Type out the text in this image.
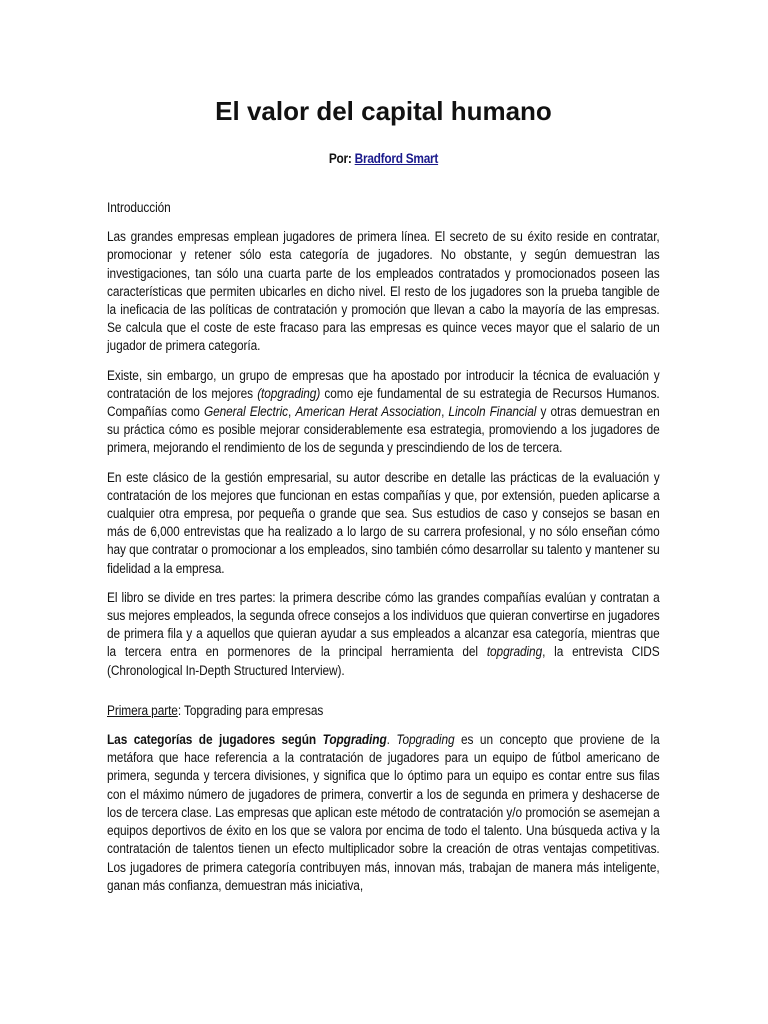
El valor del capital humano
Por: Bradford Smart

Introducción

Las grandes empresas emplean jugadores de primera línea. El secreto de su éxito reside en contratar, promocionar y retener sólo esta categoría de jugadores. No obstante, y según demuestran las investigaciones, tan sólo una cuarta parte de los empleados contratados y promocionados poseen las características que permiten ubicarles en dicho nivel. El resto de los jugadores son la prueba tangible de la ineficacia de las políticas de contratación y promoción que llevan a cabo la mayoría de las empresas. Se calcula que el coste de este fracaso para las empresas es quince veces mayor que el salario de un jugador de primera categoría.

Existe, sin embargo, un grupo de empresas que ha apostado por introducir la técnica de evaluación y contratación de los mejores (topgrading) como eje fundamental de su estrategia de Recursos Humanos. Compañías como General Electric, American Herat Association, Lincoln Financial y otras demuestran en su práctica cómo es posible mejorar considerablemente esa estrategia, promoviendo a los jugadores de primera, mejorando el rendimiento de los de segunda y prescindiendo de los de tercera.

En este clásico de la gestión empresarial, su autor describe en detalle las prácticas de la evaluación y contratación de los mejores que funcionan en estas compañías y que, por extensión, pueden aplicarse a cualquier otra empresa, por pequeña o grande que sea. Sus estudios de caso y consejos se basan en más de 6,000 entrevistas que ha realizado a lo largo de su carrera profesional, y no sólo enseñan cómo hay que contratar o promocionar a los empleados, sino también cómo desarrollar su talento y mantener su fidelidad a la empresa.

El libro se divide en tres partes: la primera describe cómo las grandes compañías evalúan y contratan a sus mejores empleados, la segunda ofrece consejos a los individuos que quieran convertirse en jugadores de primera fila y a aquellos que quieran ayudar a sus empleados a alcanzar esa categoría, mientras que la tercera entra en pormenores de la principal herramienta del topgrading, la entrevista CIDS (Chronological In-Depth Structured Interview).

Primera parte: Topgrading para empresas

Las categorías de jugadores según Topgrading. Topgrading es un concepto que proviene de la metáfora que hace referencia a la contratación de jugadores para un equipo de fútbol americano de primera, segunda y tercera divisiones, y significa que lo óptimo para un equipo es contar entre sus filas con el máximo número de jugadores de primera, convertir a los de segunda en primera y deshacerse de los de tercera clase. Las empresas que aplican este método de contratación y/o promoción se asemejan a equipos deportivos de éxito en los que se valora por encima de todo el talento. Una búsqueda activa y la contratación de talentos tienen un efecto multiplicador sobre la creación de otras ventajas competitivas. Los jugadores de primera categoría contribuyen más, innovan más, trabajan de manera más inteligente, ganan más confianza, demuestran más iniciativa,
